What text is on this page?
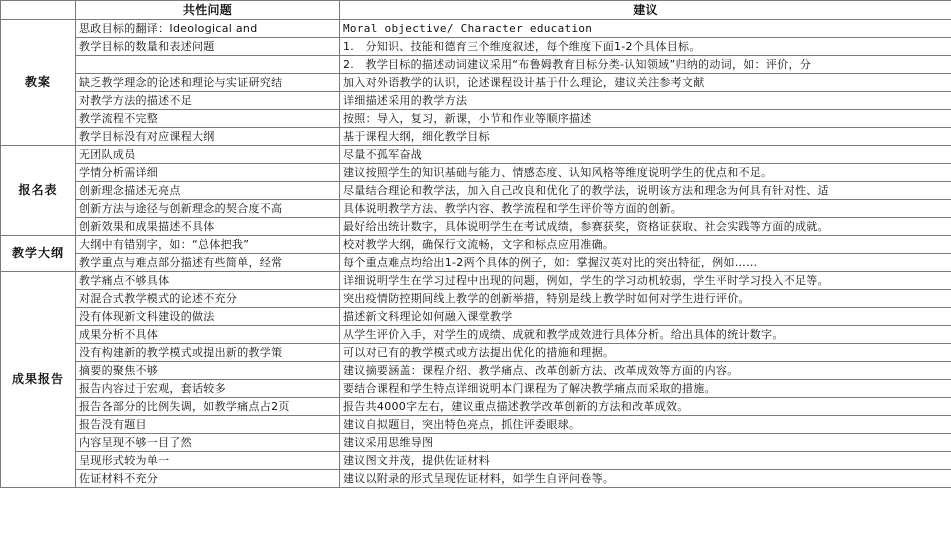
	共性问题	建议
教案	思政目标的翻译：Ideological and	Moral objective/ Character education
	教学目标的数量和表述问题	1.　分知识、技能和德育三个维度叙述，每个维度下面1-2个具体目标。
		2.　教学目标的描述动词建议采用“布鲁姆教育目标分类-认知领域”归纳的动词，如：评价，分
	缺乏教学理念的论述和理论与实证研究结	加入对外语教学的认识，论述课程设计基于什么理论，建议关注参考文献
	对教学方法的描述不足	详细描述采用的教学方法
	教学流程不完整	按照：导入，复习，新课，小节和作业等顺序描述
	教学目标没有对应课程大纲	基于课程大纲，细化教学目标
报名表	无团队成员	尽量不孤军奋战
	学情分析需详细	建议按照学生的知识基础与能力、情感态度、认知风格等维度说明学生的优点和不足。
	创新理念描述无亮点	尽量结合理论和教学法，加入自己改良和优化了的教学法，说明该方法和理念为何具有针对性、适
	创新方法与途径与创新理念的契合度不高	具体说明教学方法、教学内容、教学流程和学生评价等方面的创新。
	创新效果和成果描述不具体	最好给出统计数字，具体说明学生在考试成绩，参赛获奖，资格证获取、社会实践等方面的成就。
教学大纲	大纲中有错别字，如：“总体把我”	校对教学大纲，确保行文流畅，文字和标点应用准确。
	教学重点与难点部分描述有些简单，经常	每个重点难点均给出1-2两个具体的例子，如：掌握汉英对比的突出特征，例如……
成果报告	教学痛点不够具体	详细说明学生在学习过程中出现的问题，例如，学生的学习动机较弱，学生平时学习投入不足等。
	对混合式教学模式的论述不充分	突出疫情防控期间线上教学的创新举措，特别是线上教学时如何对学生进行评价。
	没有体现新文科建设的做法	描述新文科理论如何融入课堂教学
	成果分析不具体	从学生评价入手，对学生的成绩、成就和教学成效进行具体分析。给出具体的统计数字。
	没有构建新的教学模式或提出新的教学策	可以对已有的教学模式或方法提出优化的措施和理据。
	摘要的聚焦不够	建议摘要涵盖：课程介绍、教学痛点、改革创新方法、改革成效等方面的内容。
	报告内容过于宏观，套话较多	要结合课程和学生特点详细说明本门课程为了解决教学痛点而采取的措施。
	报告各部分的比例失调，如教学痛点占2页	报告共4000字左右，建议重点描述教学改革创新的方法和改革成效。
	报告没有题目	建议自拟题目，突出特色亮点，抓住评委眼球。
	内容呈现不够一目了然	建议采用思维导图
	呈现形式较为单一	建议图文并茂，提供佐证材料
	佐证材料不充分	建议以附录的形式呈现佐证材料，如学生自评问卷等。
